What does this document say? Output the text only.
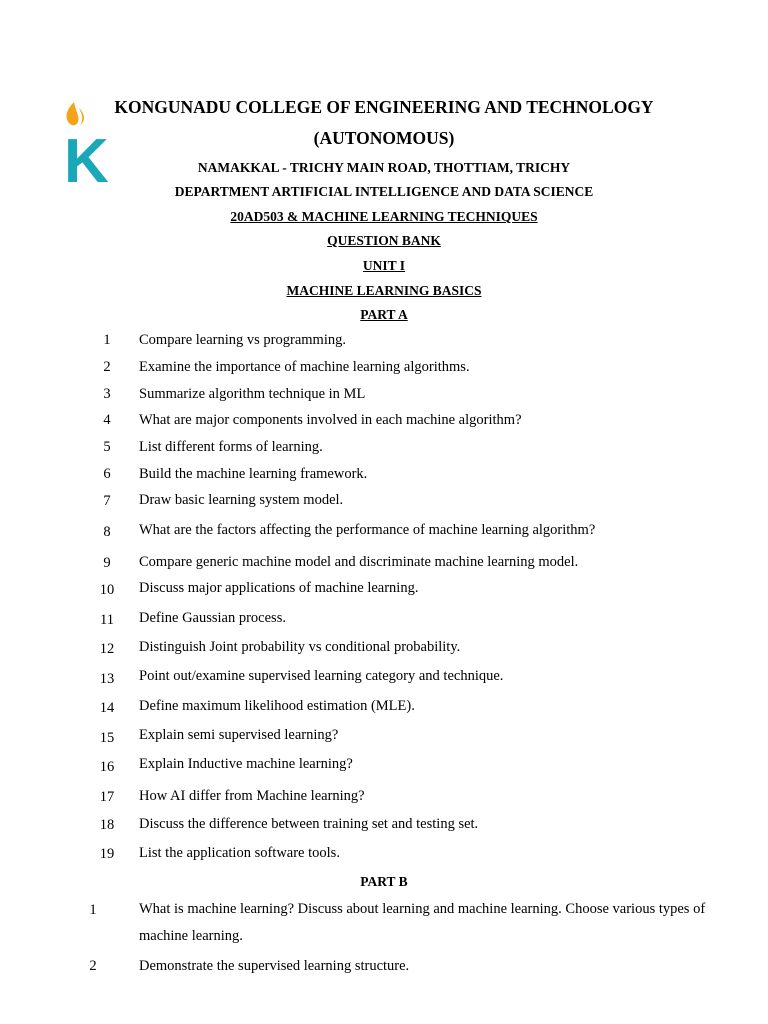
K
KONGUNADU COLLEGE OF ENGINEERING AND TECHNOLOGY
(AUTONOMOUS)
NAMAKKAL - TRICHY MAIN ROAD, THOTTIAM, TRICHY
DEPARTMENT ARTIFICIAL INTELLIGENCE AND DATA SCIENCE
20AD503 & MACHINE LEARNING TECHNIQUES
QUESTION BANK
UNIT I
MACHINE LEARNING BASICS
PART A
1	Compare learning vs programming.
2	Examine the importance of machine learning algorithms.
3	Summarize algorithm technique in ML
4	What are major components involved in each machine algorithm?
5	List different forms of learning.
6	Build the machine learning framework.
7	Draw basic learning system model.
8	What are the factors affecting the performance of machine learning algorithm?
9	Compare generic machine model and discriminate machine learning model.
10	Discuss major applications of machine learning.
11	Define Gaussian process.
12	Distinguish Joint probability vs conditional probability.
13	Point out/examine supervised learning category and technique.
14	Define maximum likelihood estimation (MLE).
15	Explain semi supervised learning?
16	Explain Inductive machine learning?
17	How AI differ from Machine learning?
18	Discuss the difference between training set and testing set.
19	List the application software tools.
PART B
1	What is machine learning? Discuss about learning and machine learning. Choose various types of machine learning.
2	Demonstrate the supervised learning structure.
